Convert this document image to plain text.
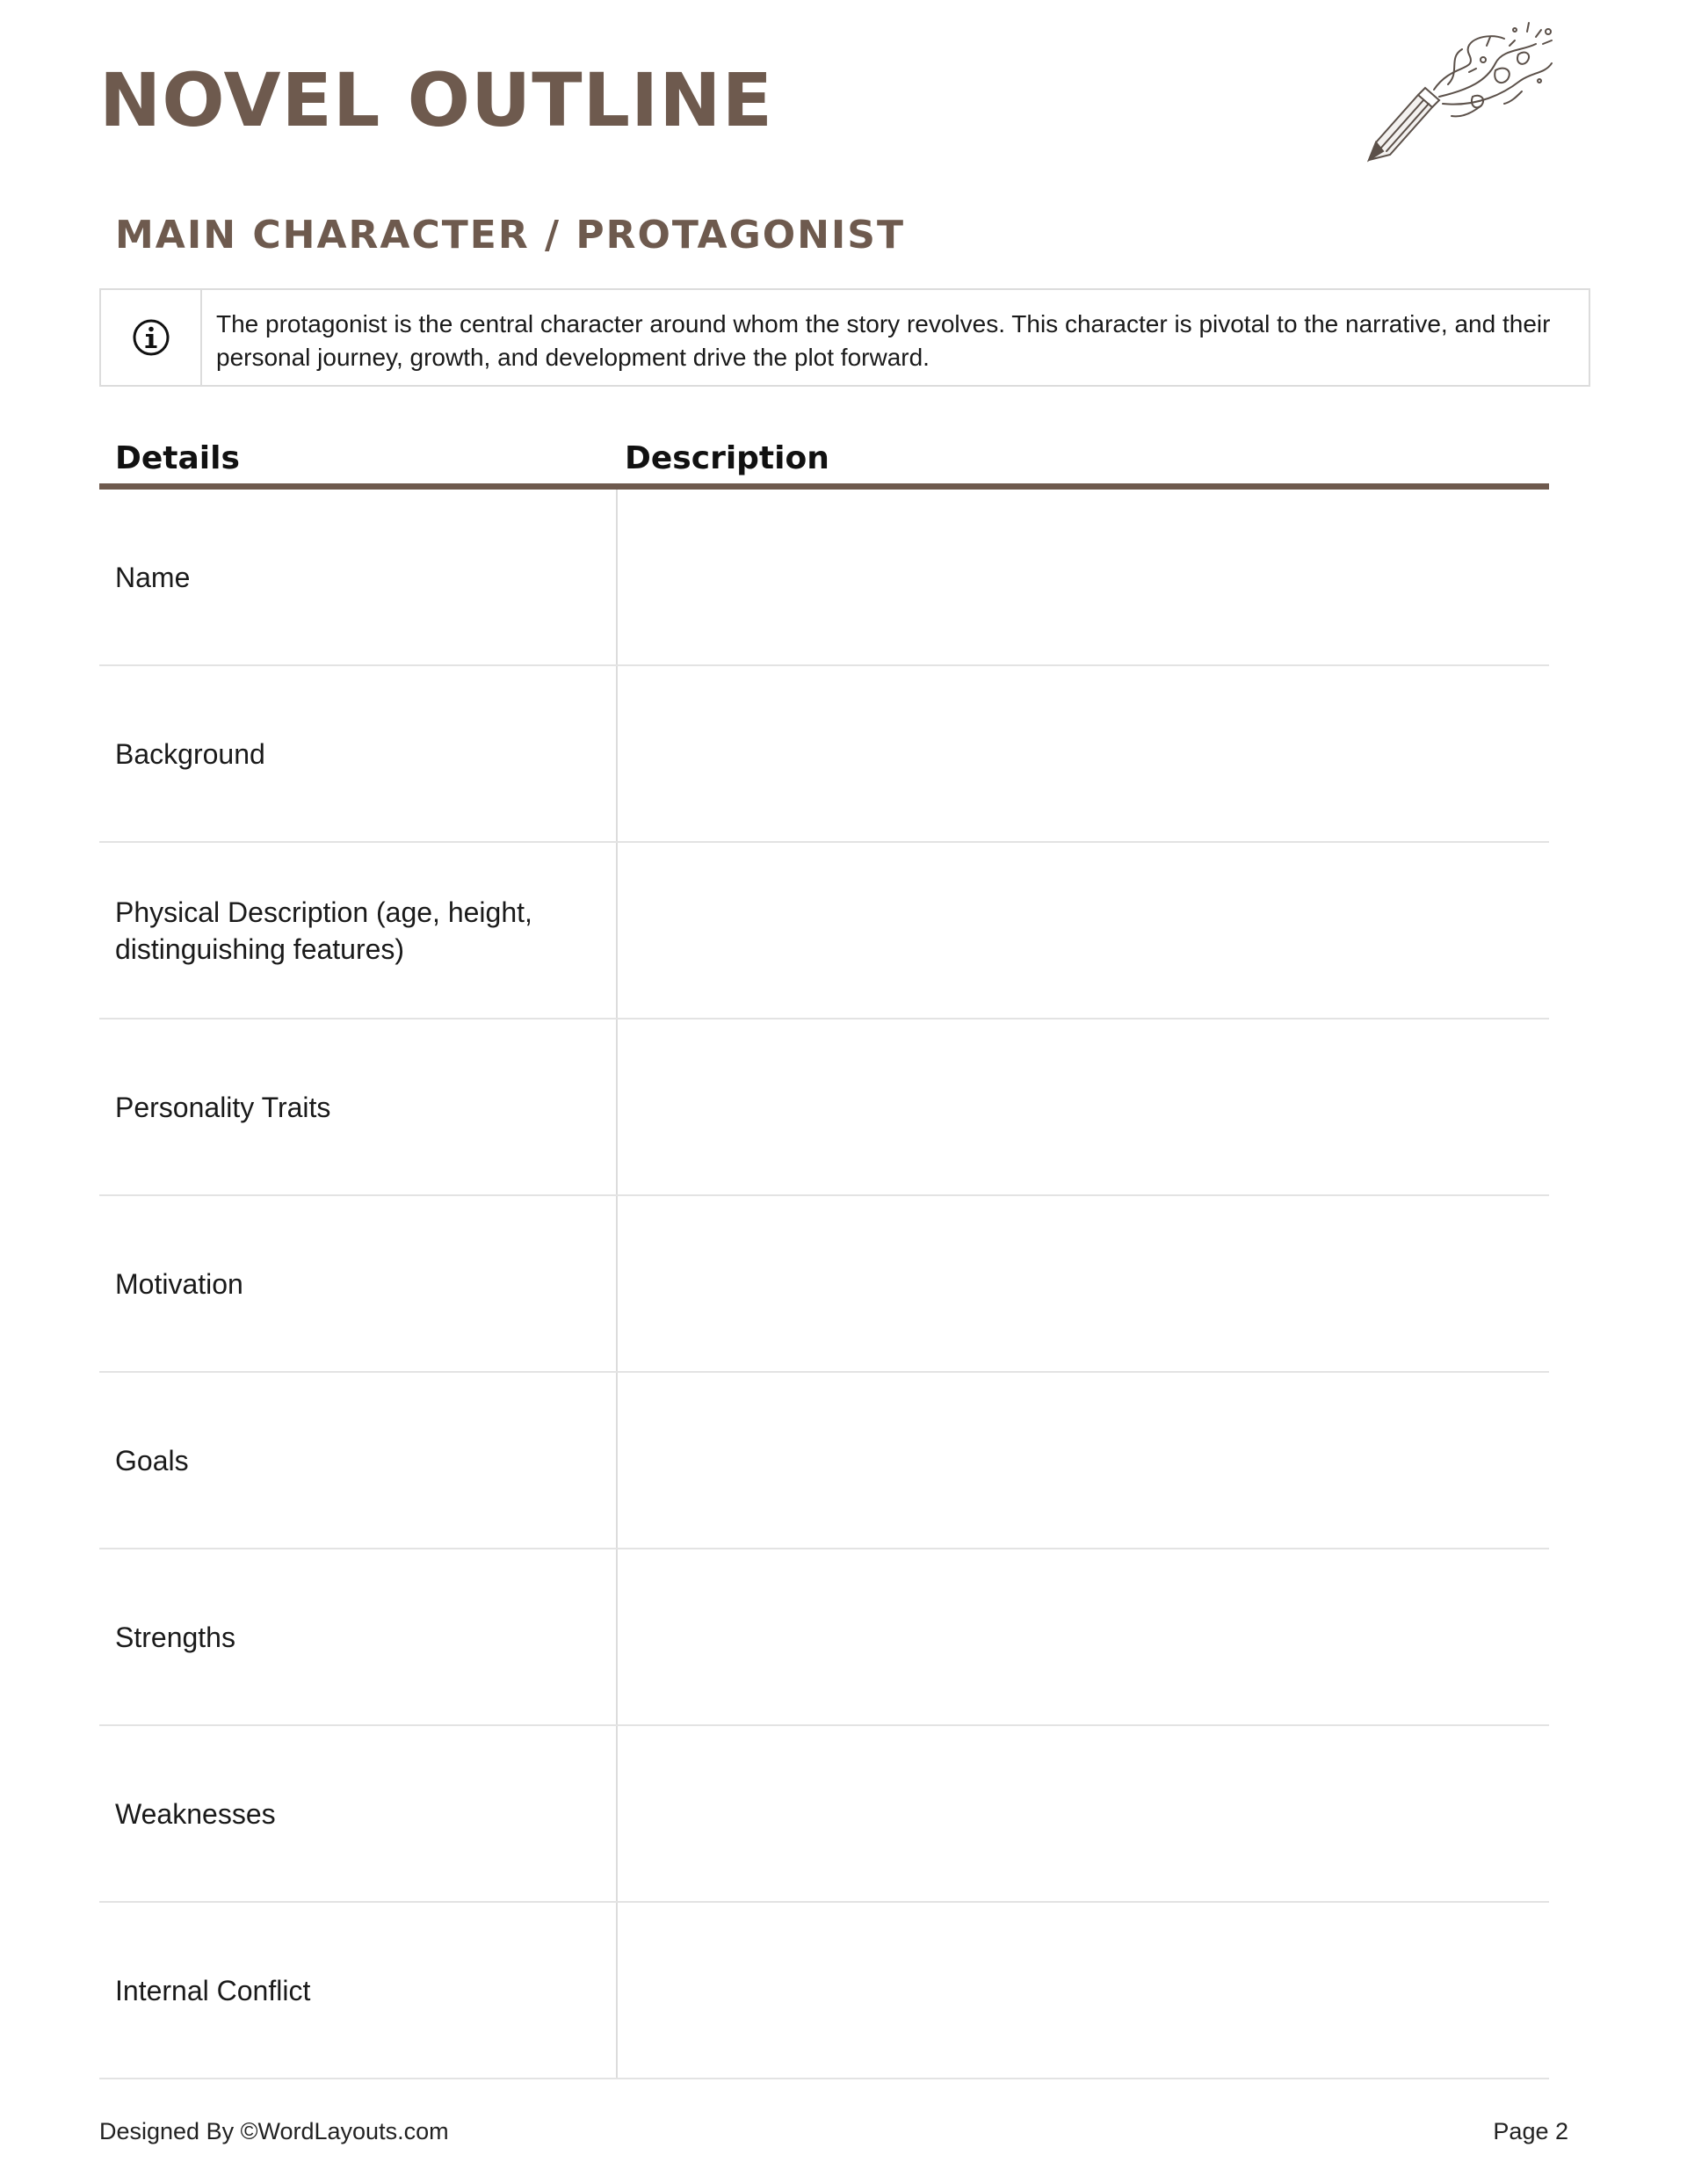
NOVEL OUTLINE
MAIN CHARACTER / PROTAGONIST
The protagonist is the central character around whom the story revolves. This character is pivotal to the narrative, and their personal journey, growth, and development drive the plot forward.
Details	Description
Name
Background
Physical Description (age, height, distinguishing features)
Personality Traits
Motivation
Goals
Strengths
Weaknesses
Internal Conflict
Designed By ©WordLayouts.com	Page 2
